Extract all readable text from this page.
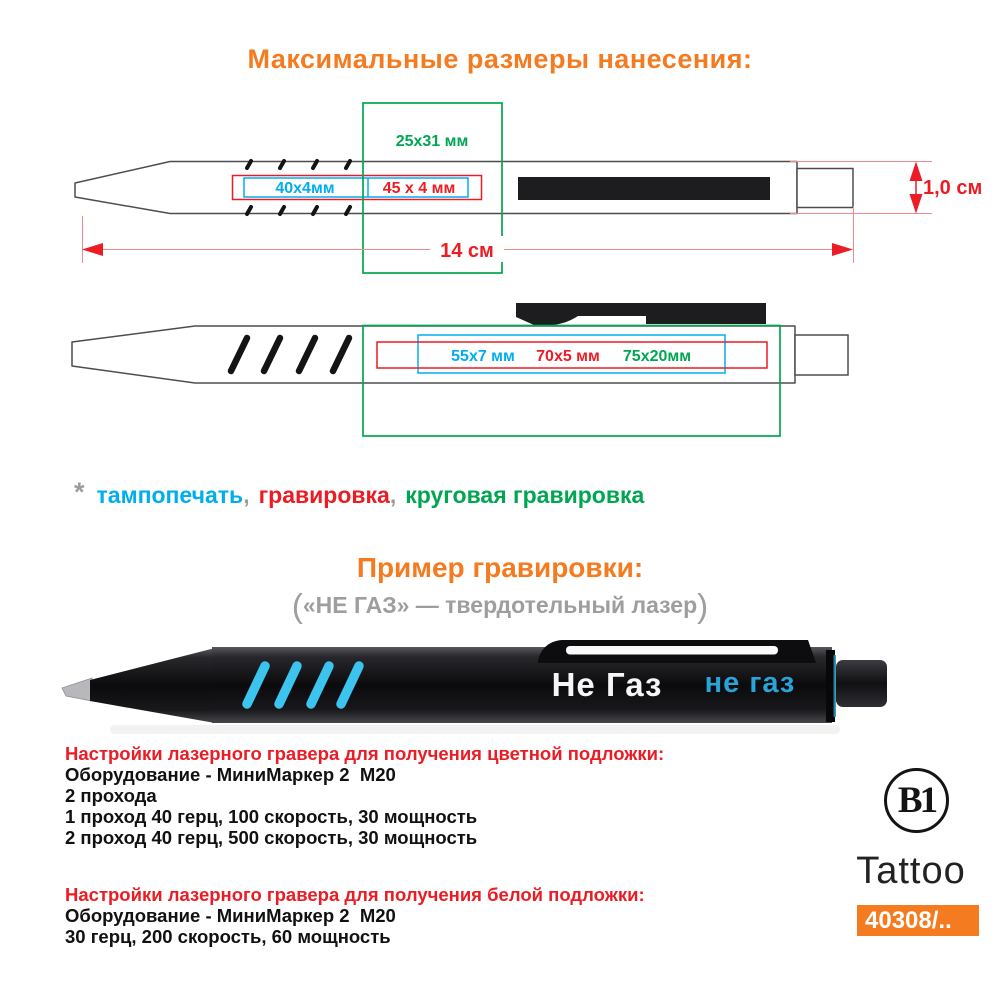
Максимальные размеры нанесения:
25x31 мм
40x4мм	45 x 4 мм
14 см
1,0 см
55x7 мм 70x5 мм 75x20мм
Не Газ не газ
* тампопечать, гравировка, круговая гравировка
Пример гравировки:
(«НЕ ГАЗ» — твердотельный лазер)
Настройки лазерного гравера для получения цветной подложки:
Оборудование - МиниМаркер 2  М20
2 прохода
1 проход 40 герц, 100 скорость, 30 мощность
2 проход 40 герц, 500 скорость, 30 мощность
Настройки лазерного гравера для получения белой подложки:
Оборудование - МиниМаркер 2  М20
30 герц, 200 скорость, 60 мощность
B1
Tattoo
40308/..
